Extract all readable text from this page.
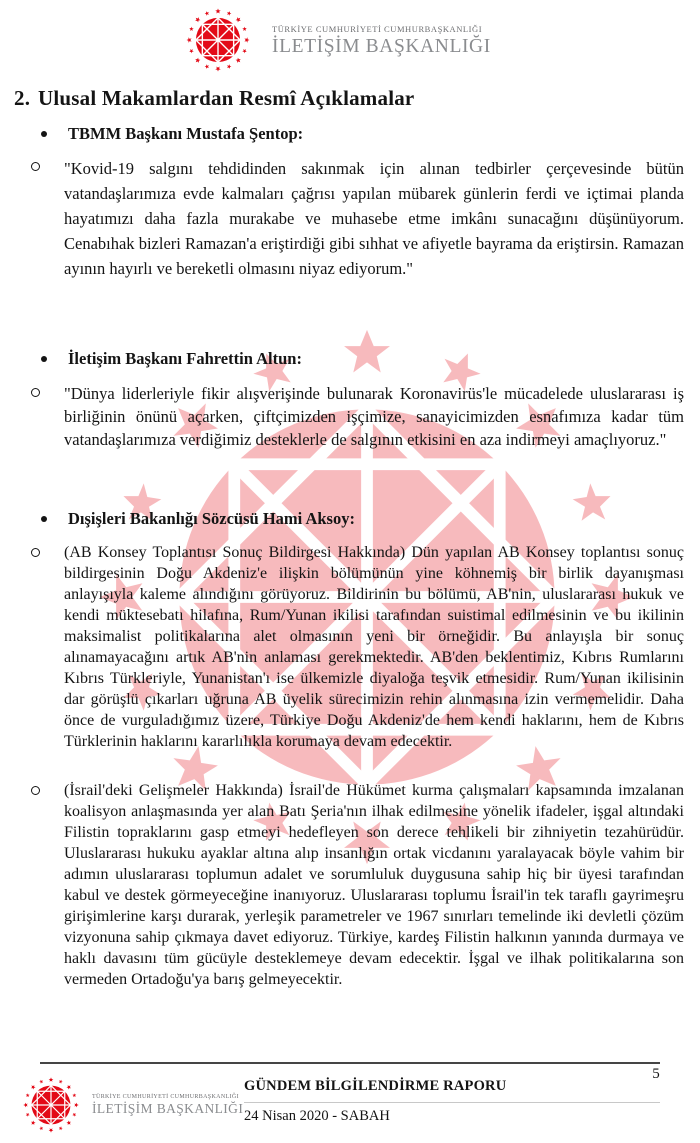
TÜRKİYE CUMHURİYETİ CUMHURBAŞKANLIĞI
İLETİŞİM BAŞKANLIĞI
2. Ulusal Makamlardan Resmî Açıklamalar
TBMM Başkanı Mustafa Şentop:
"Kovid-19 salgını tehdidinden sakınmak için alınan tedbirler çerçevesinde bütün vatandaşlarımıza evde kalmaları çağrısı yapılan mübarek günlerin ferdi ve içtimai planda hayatımızı daha fazla murakabe ve muhasebe etme imkânı sunacağını düşünüyorum. Cenabıhak bizleri Ramazan'a eriştirdiği gibi sıhhat ve afiyetle bayrama da eriştirsin. Ramazan ayının hayırlı ve bereketli olmasını niyaz ediyorum."
İletişim Başkanı Fahrettin Altun:
"Dünya liderleriyle fikir alışverişinde bulunarak Koronavirüs'le mücadelede uluslararası iş birliğinin önünü açarken, çiftçimizden işçimize, sanayicimizden esnafımıza kadar tüm vatandaşlarımıza verdiğimiz desteklerle de salgının etkisini en aza indirmeyi amaçlıyoruz."
Dışişleri Bakanlığı Sözcüsü Hami Aksoy:
(AB Konsey Toplantısı Sonuç Bildirgesi Hakkında) Dün yapılan AB Konsey toplantısı sonuç bildirgesinin Doğu Akdeniz'e ilişkin bölümünün yine köhnemiş bir birlik dayanışması anlayışıyla kaleme alındığını görüyoruz. Bildirinin bu bölümü, AB'nin, uluslararası hukuk ve kendi müktesebatı hilafına, Rum/Yunan ikilisi tarafından suistimal edilmesinin ve bu ikilinin maksimalist politikalarına alet olmasının yeni bir örneğidir. Bu anlayışla bir sonuç alınamayacağını artık AB'nin anlaması gerekmektedir. AB'den beklentimiz, Kıbrıs Rumlarını Kıbrıs Türkleriyle, Yunanistan'ı ise ülkemizle diyaloğa teşvik etmesidir. Rum/Yunan ikilisinin dar görüşlü çıkarları uğruna AB üyelik sürecimizin rehin alınmasına izin vermemelidir. Daha önce de vurguladığımız üzere, Türkiye Doğu Akdeniz'de hem kendi haklarını, hem de Kıbrıs Türklerinin haklarını kararlılıkla korumaya devam edecektir.
(İsrail'deki Gelişmeler Hakkında) İsrail'de Hükümet kurma çalışmaları kapsamında imzalanan koalisyon anlaşmasında yer alan Batı Şeria'nın ilhak edilmesine yönelik ifadeler, işgal altındaki Filistin topraklarını gasp etmeyi hedefleyen son derece tehlikeli bir zihniyetin tezahürüdür. Uluslararası hukuku ayaklar altına alıp insanlığın ortak vicdanını yaralayacak böyle vahim bir adımın uluslararası toplumun adalet ve sorumluluk duygusuna sahip hiç bir üyesi tarafından kabul ve destek görmeyeceğine inanıyoruz. Uluslararası toplumu İsrail'in tek taraflı gayrimeşru girişimlerine karşı durarak, yerleşik parametreler ve 1967 sınırları temelinde iki devletli çözüm vizyonuna sahip çıkmaya davet ediyoruz. Türkiye, kardeş Filistin halkının yanında durmaya ve haklı davasını tüm gücüyle desteklemeye devam edecektir. İşgal ve ilhak politikalarına son vermeden Ortadoğu'ya barış gelmeyecektir.
5
TÜRKİYE CUMHURİYETİ CUMHURBAŞKANLIĞI
İLETİŞİM BAŞKANLIĞI
GÜNDEM BİLGİLENDİRME RAPORU
24 Nisan 2020 - SABAH
